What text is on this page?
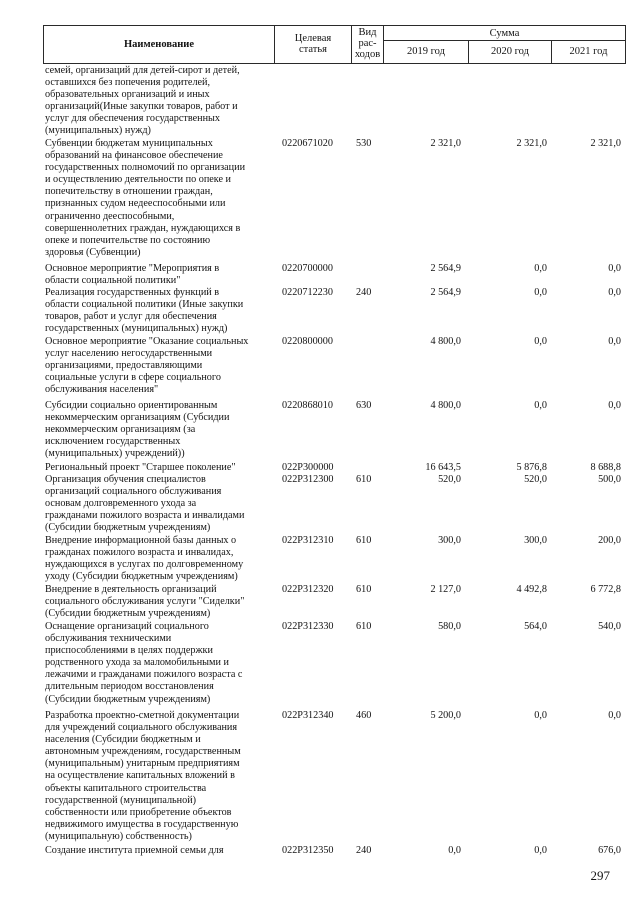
Наименование
Целевая
статья
Вид
рас-
ходов
Сумма
2019 год	2020 год	2021 год
семей, организаций для детей-сирот и детей,
оставшихся без попечения родителей,
образовательных организаций и иных
организаций(Иные закупки товаров, работ и
услуг для обеспечения государственных
(муниципальных) нужд)
Субвенции бюджетам муниципальных
образований на финансовое обеспечение
государственных полномочий по организации
и осуществлению деятельности по опеке и
попечительству в отношении граждан,
признанных судом недееспособными или
ограниченно дееспособными,
совершеннолетних граждан, нуждающихся в
опеке и попечительстве по состоянию
здоровья (Субвенции)
0220671020	530	2 321,0	2 321,0	2 321,0
Основное мероприятие "Мероприятия в
области социальной политики"
0220700000	2 564,9	0,0	0,0
Реализация государственных функций в
области социальной политики (Иные закупки
товаров, работ и услуг для обеспечения
государственных (муниципальных) нужд)
0220712230	240	2 564,9	0,0	0,0
Основное мероприятие "Оказание социальных
услуг населению негосударственными
организациями, предоставляющими
социальные услуги в сфере социального
обслуживания населения"
0220800000	4 800,0	0,0	0,0
Субсидии социально ориентированным
некоммерческим организациям (Субсидии
некоммерческим организациям (за
исключением государственных
(муниципальных) учреждений))
0220868010	630	4 800,0	0,0	0,0
Региональный проект "Старшее поколение"	022P300000	16 643,5	5 876,8	8 688,8
Организация обучения специалистов
организаций социального обслуживания
основам долговременного ухода за
гражданами пожилого возраста и инвалидами
(Субсидии бюджетным учреждениям)
022P312300	610	520,0	520,0	500,0
Внедрение информационной базы данных о
гражданах пожилого возраста и инвалидах,
нуждающихся в услугах по долговременному
уходу (Субсидии бюджетным учреждениям)
022P312310	610	300,0	300,0	200,0
Внедрение в деятельность организаций
социального обслуживания услуги "Сиделки"
(Субсидии бюджетным учреждениям)
022P312320	610	2 127,0	4 492,8	6 772,8
Оснащение организаций социального
обслуживания техническими
приспособлениями в целях поддержки
родственного ухода за маломобильными и
лежачими и гражданами пожилого возраста с
длительным периодом восстановления
(Субсидии бюджетным учреждениям)
022P312330	610	580,0	564,0	540,0
Разработка проектно-сметной документации
для учреждений социального обслуживания
населения (Субсидии бюджетным и
автономным учреждениям, государственным
(муниципальным) унитарным предприятиям
на осуществление капитальных вложений в
объекты капитального строительства
государственной (муниципальной)
собственности или приобретение объектов
недвижимого имущества в государственную
(муниципальную) собственность)
022P312340	460	5 200,0	0,0	0,0
Создание института приемной семьи для	022P312350	240	0,0	0,0	676,0
297
